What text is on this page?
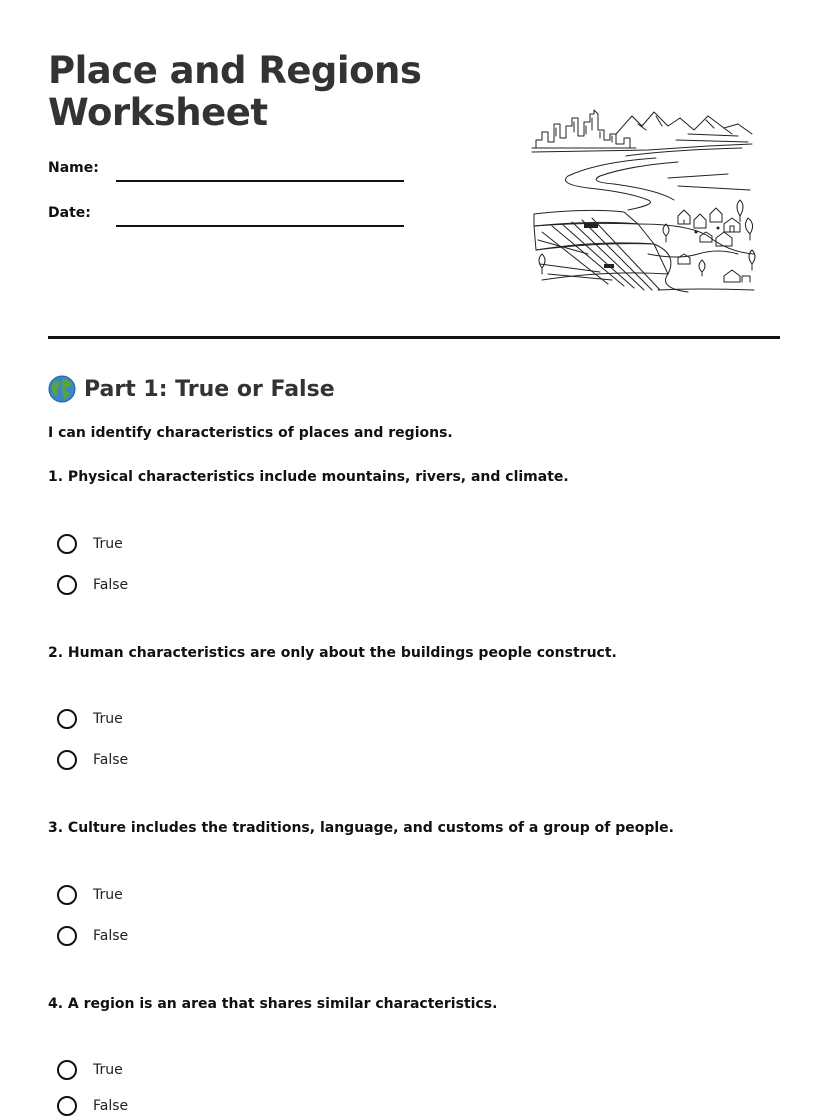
Place and Regions
Worksheet
Name:
Date:
Part 1: True or False
I can identify characteristics of places and regions.
1. Physical characteristics include mountains, rivers, and climate.
True
False
2. Human characteristics are only about the buildings people construct.
True
False
3. Culture includes the traditions, language, and customs of a group of people.
True
False
4. A region is an area that shares similar characteristics.
True
False
